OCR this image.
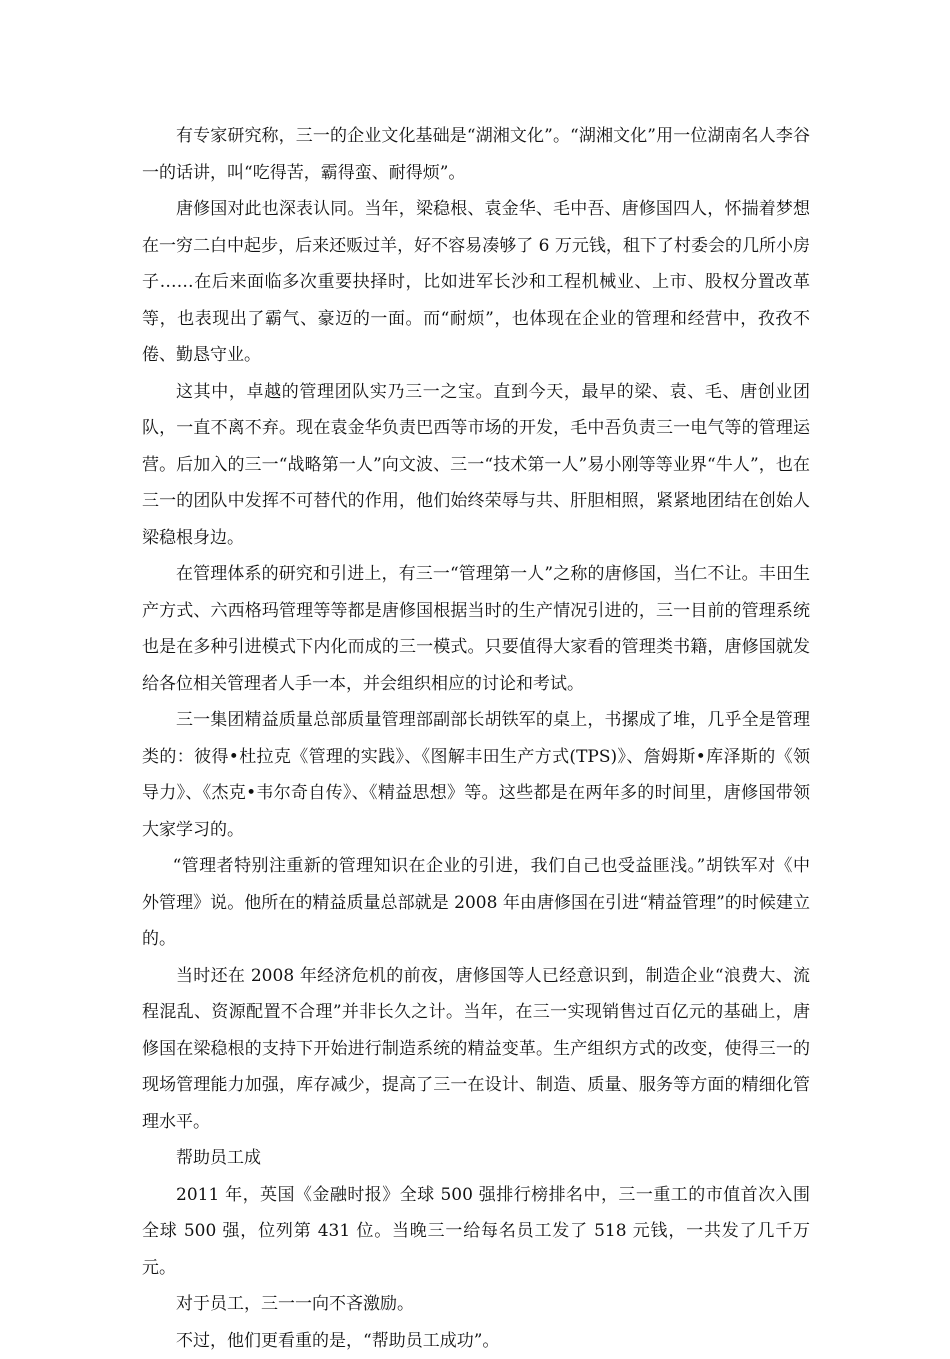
有专家研究称，三一的企业文化基础是“湖湘文化”。“湖湘文化”用一位湖南名人李谷一的话讲，叫“吃得苦，霸得蛮、耐得烦”。

唐修国对此也深表认同。当年，梁稳根、袁金华、毛中吾、唐修国四人，怀揣着梦想在一穷二白中起步，后来还贩过羊，好不容易凑够了 6 万元钱，租下了村委会的几所小房子……在后来面临多次重要抉择时，比如进军长沙和工程机械业、上市、股权分置改革等，也表现出了霸气、豪迈的一面。而“耐烦”，也体现在企业的管理和经营中，孜孜不倦、勤恳守业。

这其中，卓越的管理团队实乃三一之宝。直到今天，最早的梁、袁、毛、唐创业团队，一直不离不弃。现在袁金华负责巴西等市场的开发，毛中吾负责三一电气等的管理运营。后加入的三一“战略第一人”向文波、三一“技术第一人”易小刚等等业界“牛人”，也在三一的团队中发挥不可替代的作用，他们始终荣辱与共、肝胆相照，紧紧地团结在创始人梁稳根身边。

在管理体系的研究和引进上，有三一“管理第一人”之称的唐修国，当仁不让。丰田生产方式、六西格玛管理等等都是唐修国根据当时的生产情况引进的，三一目前的管理系统也是在多种引进模式下内化而成的三一模式。只要值得大家看的管理类书籍，唐修国就发给各位相关管理者人手一本，并会组织相应的讨论和考试。

三一集团精益质量总部质量管理部副部长胡铁军的桌上，书摞成了堆，几乎全是管理类的：彼得•杜拉克《管理的实践》、《图解丰田生产方式(TPS)》、詹姆斯•库泽斯的《领导力》、《杰克•韦尔奇自传》、《精益思想》等。这些都是在两年多的时间里，唐修国带领大家学习的。

“管理者特别注重新的管理知识在企业的引进，我们自己也受益匪浅。”胡铁军对《中外管理》说。他所在的精益质量总部就是 2008 年由唐修国在引进“精益管理”的时候建立的。

当时还在 2008 年经济危机的前夜，唐修国等人已经意识到，制造企业“浪费大、流程混乱、资源配置不合理”并非长久之计。当年，在三一实现销售过百亿元的基础上，唐修国在梁稳根的支持下开始进行制造系统的精益变革。生产组织方式的改变，使得三一的现场管理能力加强，库存减少，提高了三一在设计、制造、质量、服务等方面的精细化管理水平。

帮助员工成

2011 年，英国《金融时报》全球 500 强排行榜排名中，三一重工的市值首次入围全球 500 强，位列第 431 位。当晚三一给每名员工发了 518 元钱，一共发了几千万元。

对于员工，三一一向不吝激励。

不过，他们更看重的是，“帮助员工成功”。
